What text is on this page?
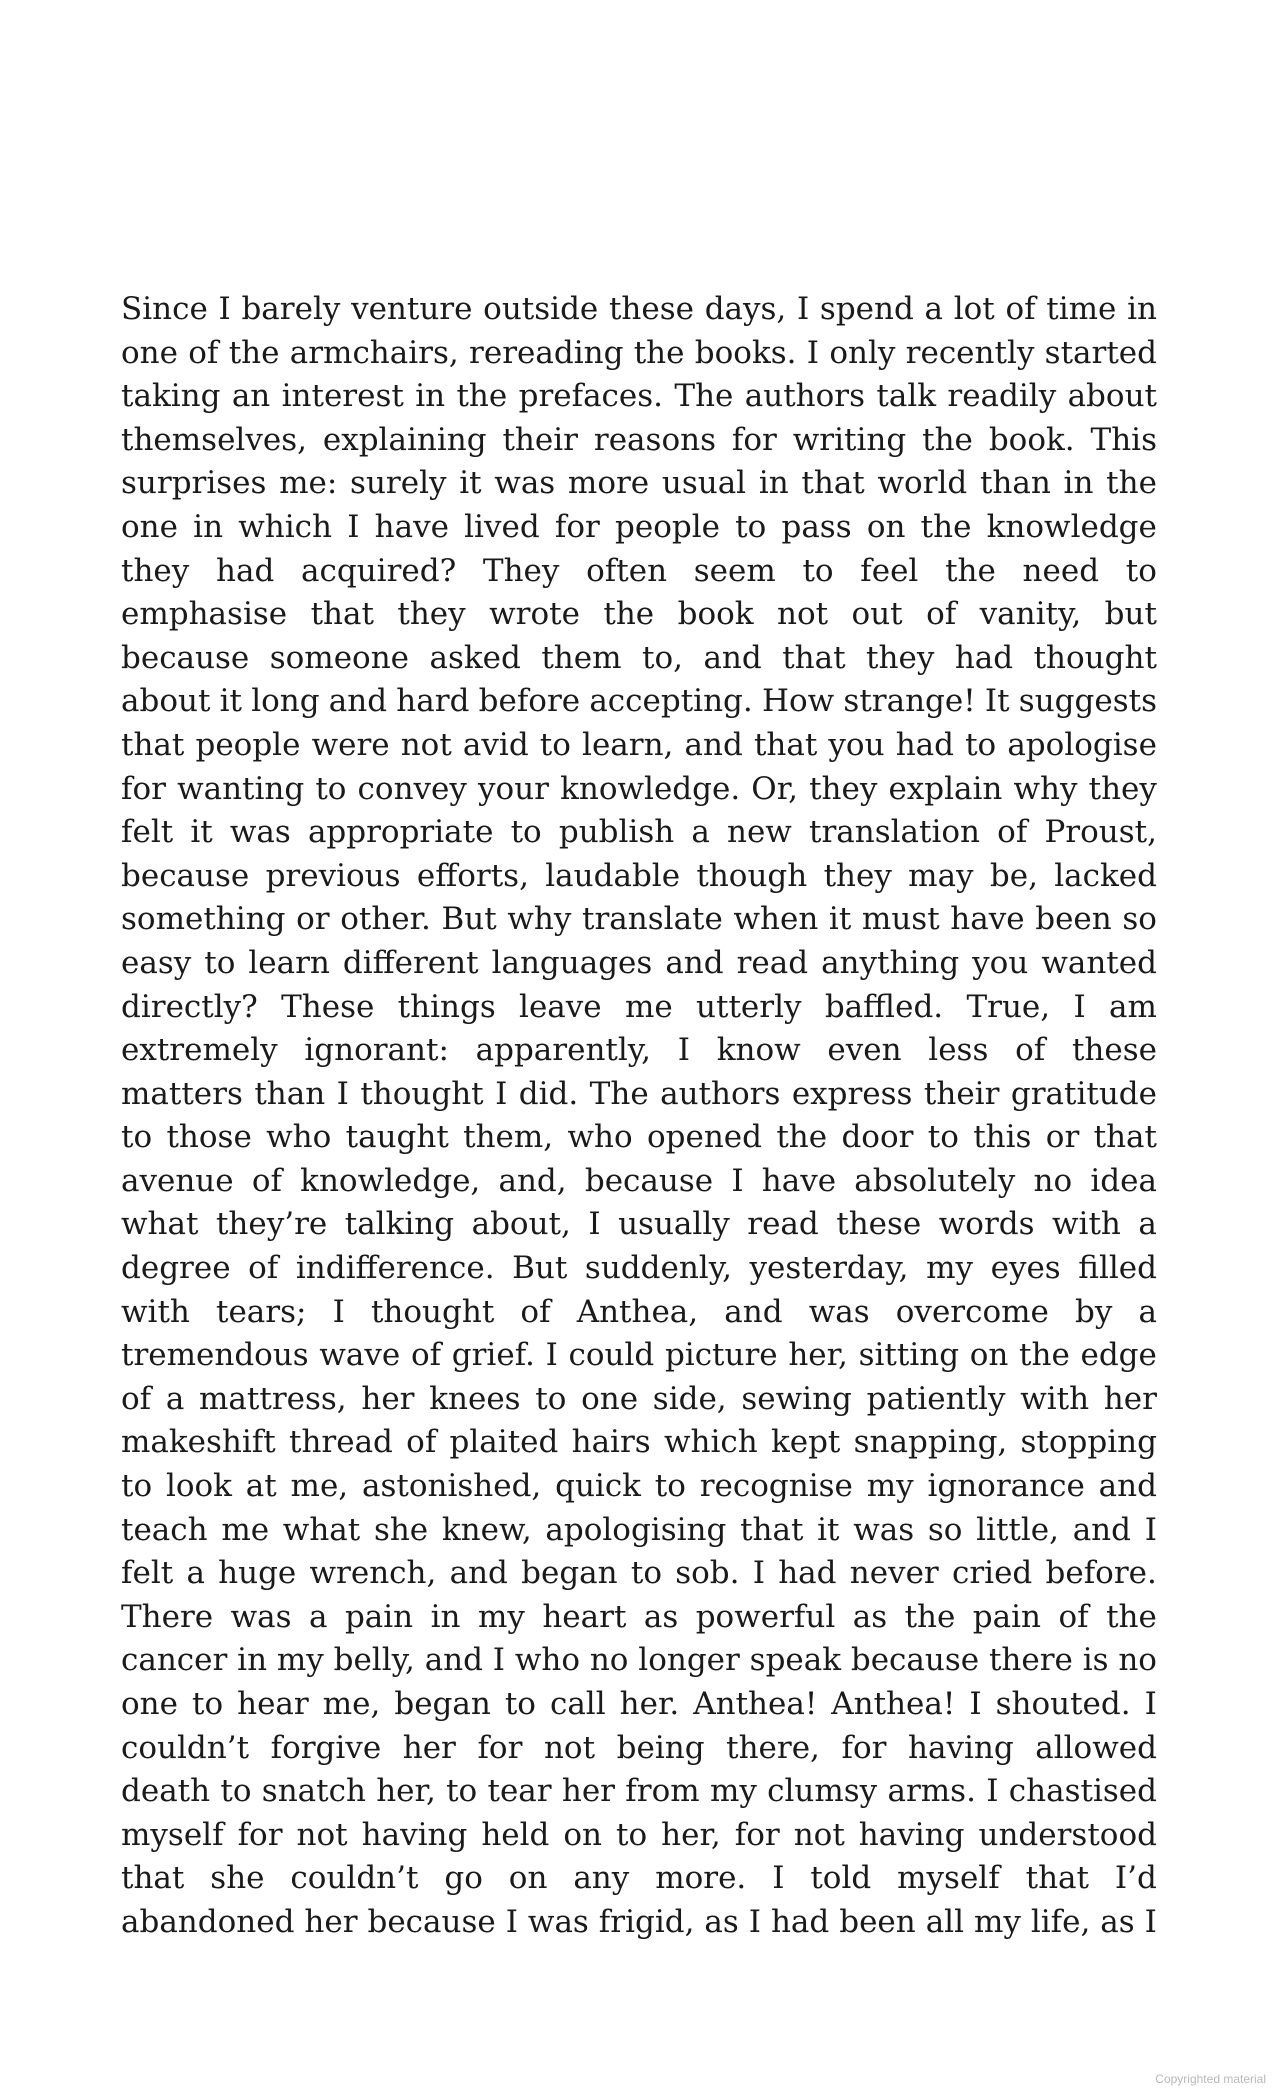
Since I barely venture outside these days, I spend a lot of time in
one of the armchairs, rereading the books. I only recently started
taking an interest in the prefaces. The authors talk readily about
themselves, explaining their reasons for writing the book. This
surprises me: surely it was more usual in that world than in the
one in which I have lived for people to pass on the knowledge
they had acquired? They often seem to feel the need to
emphasise that they wrote the book not out of vanity, but
because someone asked them to, and that they had thought
about it long and hard before accepting. How strange! It suggests
that people were not avid to learn, and that you had to apologise
for wanting to convey your knowledge. Or, they explain why they
felt it was appropriate to publish a new translation of Proust,
because previous efforts, laudable though they may be, lacked
something or other. But why translate when it must have been so
easy to learn different languages and read anything you wanted
directly? These things leave me utterly baffled. True, I am
extremely ignorant: apparently, I know even less of these
matters than I thought I did. The authors express their gratitude
to those who taught them, who opened the door to this or that
avenue of knowledge, and, because I have absolutely no idea
what they’re talking about, I usually read these words with a
degree of indifference. But suddenly, yesterday, my eyes filled
with tears; I thought of Anthea, and was overcome by a
tremendous wave of grief. I could picture her, sitting on the edge
of a mattress, her knees to one side, sewing patiently with her
makeshift thread of plaited hairs which kept snapping, stopping
to look at me, astonished, quick to recognise my ignorance and
teach me what she knew, apologising that it was so little, and I
felt a huge wrench, and began to sob. I had never cried before.
There was a pain in my heart as powerful as the pain of the
cancer in my belly, and I who no longer speak because there is no
one to hear me, began to call her. Anthea! Anthea! I shouted. I
couldn’t forgive her for not being there, for having allowed
death to snatch her, to tear her from my clumsy arms. I chastised
myself for not having held on to her, for not having understood
that she couldn’t go on any more. I told myself that I’d
abandoned her because I was frigid, as I had been all my life, as I
Copyrighted material
